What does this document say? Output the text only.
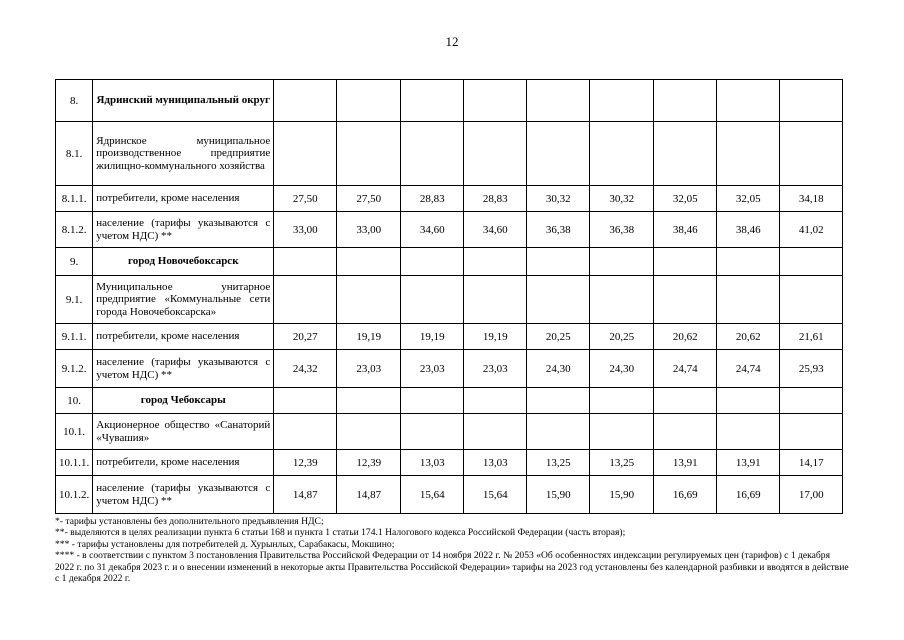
12
8.	Ядринский муниципальный округ									
8.1.	Ядринское муниципальное производственное предприятие жилищно-коммунального хозяйства									
8.1.1.	потребители, кроме населения	27,50	27,50	28,83	28,83	30,32	30,32	32,05	32,05	34,18
8.1.2.	население (тарифы указываются с учетом НДС) **	33,00	33,00	34,60	34,60	36,38	36,38	38,46	38,46	41,02
9.	город Новочебоксарск									
9.1.	Муниципальное унитарное предприятие «Коммунальные сети города Новочебоксарска»									
9.1.1.	потребители, кроме населения	20,27	19,19	19,19	19,19	20,25	20,25	20,62	20,62	21,61
9.1.2.	население (тарифы указываются с учетом НДС) **	24,32	23,03	23,03	23,03	24,30	24,30	24,74	24,74	25,93
10.	город Чебоксары									
10.1.	Акционерное общество «Санаторий «Чувашия»									
10.1.1.	потребители, кроме населения	12,39	12,39	13,03	13,03	13,25	13,25	13,91	13,91	14,17
10.1.2.	население (тарифы указываются с учетом НДС) **	14,87	14,87	15,64	15,64	15,90	15,90	16,69	16,69	17,00
*- тарифы установлены без дополнительного предъявления НДС;
**- выделяются в целях реализации пункта 6 статьи 168 и пункта 1 статьи 174.1 Налогового кодекса Российской Федерации (часть вторая);
*** - тарифы установлены для потребителей д. Хурынлых, Сарабакасы, Мокшино;
**** - в соответствии с пунктом 3 постановления Правительства Российской Федерации от 14 ноября 2022 г. № 2053 «Об особенностях индексации регулируемых цен (тарифов) с 1 декабря 2022 г. по 31 декабря 2023 г. и о внесении изменений в некоторые акты Правительства Российской Федерации» тарифы на 2023 год установлены без календарной разбивки и вводятся в действие с 1 декабря 2022 г.
